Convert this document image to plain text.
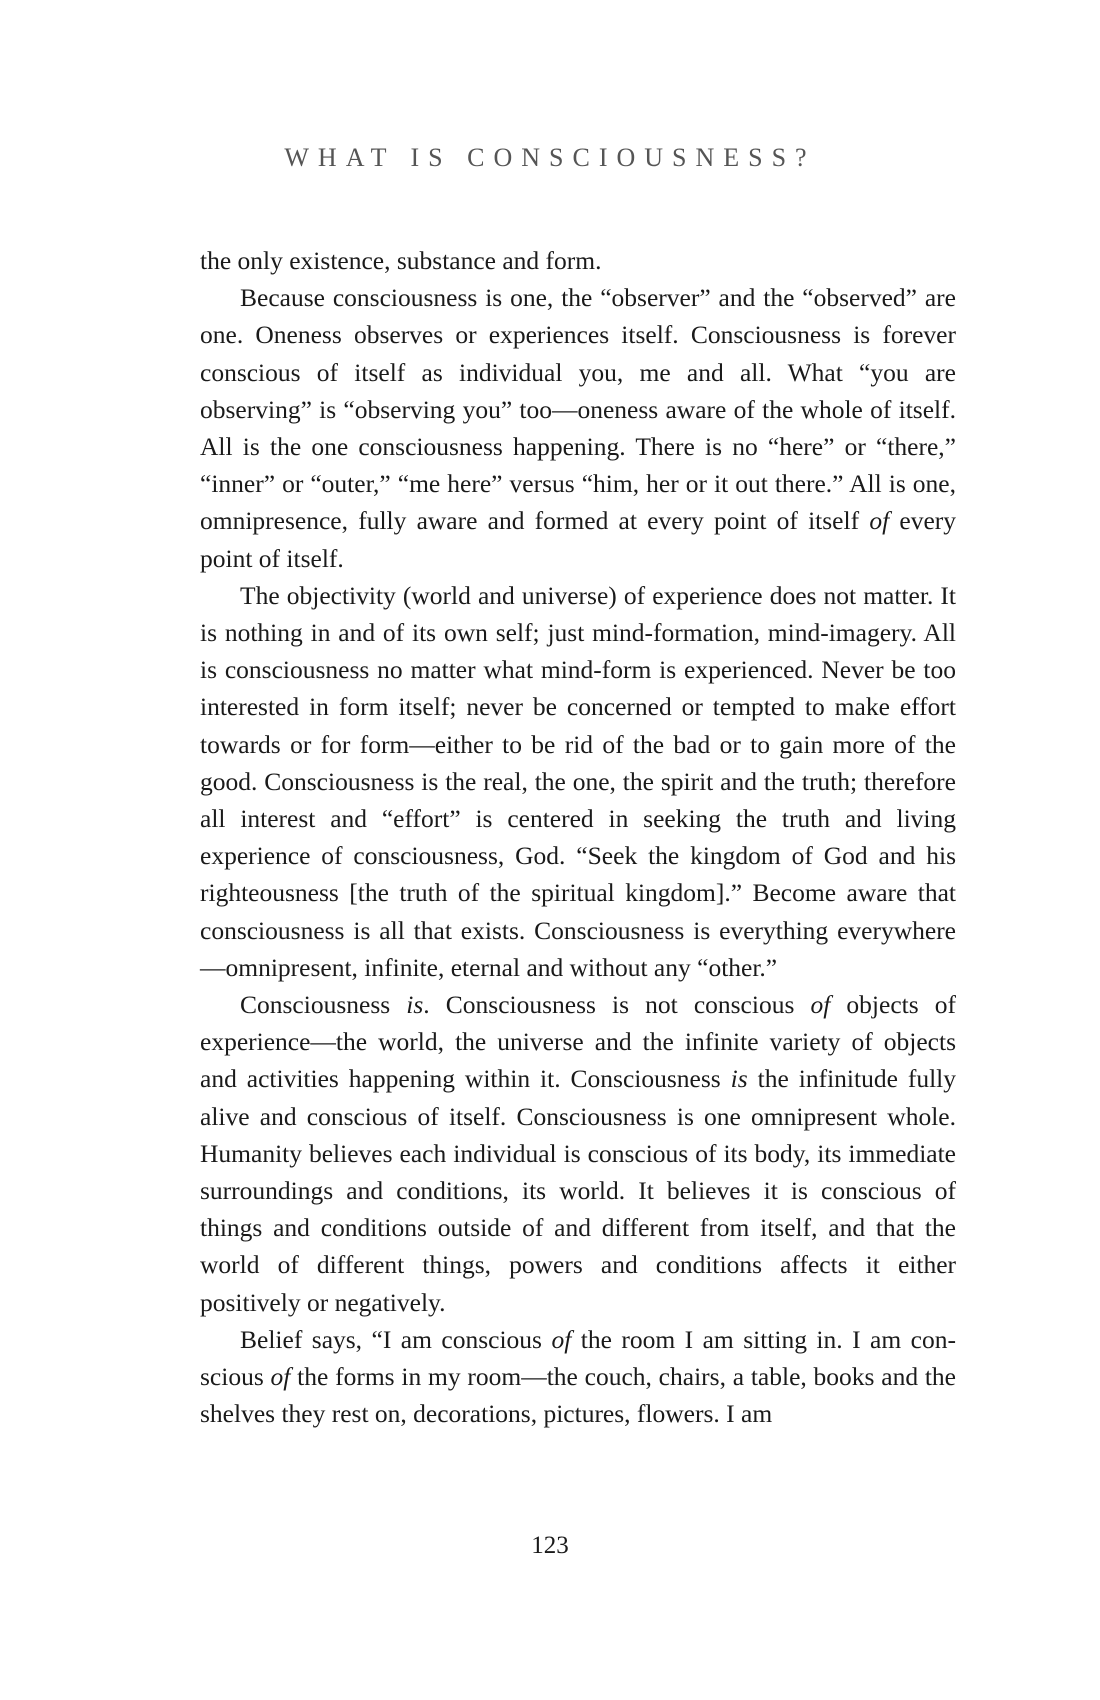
WHAT IS CONSCIOUSNESS?

the only existence, substance and form.

Because consciousness is one, the “observer” and the “observed” are one. Oneness observes or experiences itself. Consciousness is forever conscious of itself as individual you, me and all. What “you are observing” is “observing you” too—oneness aware of the whole of itself. All is the one consciousness happening. There is no “here” or “there,” “inner” or “outer,” “me here” versus “him, her or it out there.” All is one, omnipresence, fully aware and formed at every point of itself of every point of itself.

The objectivity (world and universe) of experience does not matter. It is nothing in and of its own self; just mind-formation, mind-imagery. All is consciousness no matter what mind-form is experienced. Never be too interested in form itself; never be concerned or tempted to make effort towards or for form—either to be rid of the bad or to gain more of the good. Consciousness is the real, the one, the spirit and the truth; therefore all interest and “effort” is centered in seeking the truth and living experience of consciousness, God. “Seek the kingdom of God and his righteousness [the truth of the spiritual kingdom].” Become aware that consciousness is all that exists. Consciousness is everything everywhere—omnipresent, infinite, eternal and without any “other.”

Consciousness is. Consciousness is not conscious of objects of experience—the world, the universe and the infinite variety of objects and activities happening within it. Consciousness is the infinitude fully alive and conscious of itself. Consciousness is one omnipresent whole. Humanity believes each individual is conscious of its body, its immediate surroundings and conditions, its world. It believes it is conscious of things and conditions outside of and different from itself, and that the world of different things, powers and conditions affects it either positively or negatively.

Belief says, “I am conscious of the room I am sitting in. I am conscious of the forms in my room—the couch, chairs, a table, books and the shelves they rest on, decorations, pictures, flowers. I am

123
